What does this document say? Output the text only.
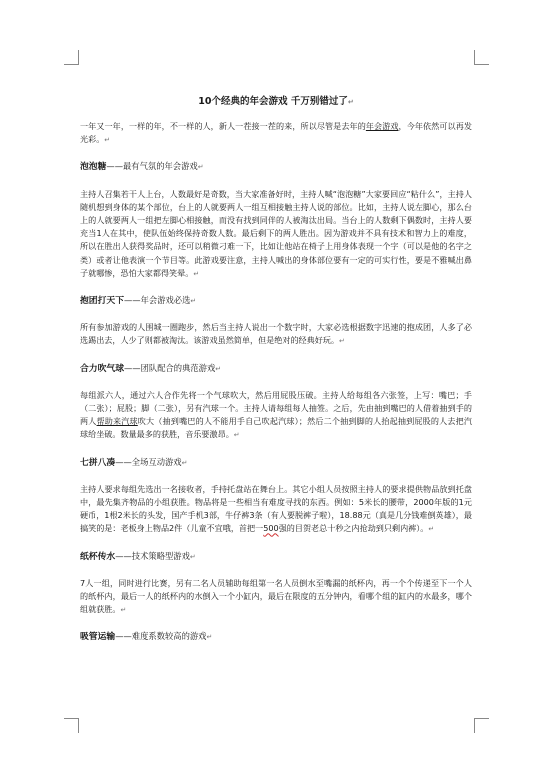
10个经典的年会游戏 千万别错过了↵

一年又一年，一样的年，不一样的人，新人一茬接一茬的来，所以尽管是去年的年会游戏，今年依然可以再发光彩。↵

泡泡糖——最有气氛的年会游戏↵

主持人召集若干人上台，人数最好是奇数，当大家准备好时，主持人喊“泡泡糖”大家要回应“粘什么”，主持人随机想到身体的某个部位，台上的人就要两人一组互相接触主持人说的部位。比如，主持人说左脚心，那么台上的人就要两人一组把左脚心相接触，而没有找到同伴的人被淘汰出局。当台上的人数剩下偶数时，主持人要充当1人在其中，使队伍始终保持奇数人数。最后剩下的两人胜出。因为游戏并不具有技术和智力上的难度，所以在胜出人获得奖品时，还可以稍微刁难一下，比如让他站在椅子上用身体表现一个字（可以是他的名字之类）或者让他表演一个节目等。此游戏要注意，主持人喊出的身体部位要有一定的可实行性，要是不雅喊出鼻子就哪惨，恐怕大家都得笑晕。↵

抱团打天下——年会游戏必选↵

所有参加游戏的人围城一圈跑步，然后当主持人说出一个数字时，大家必选根据数字迅速的抱成团，人多了必选踢出去，人少了则都被淘汰。该游戏虽然简单，但是绝对的经典好玩。↵

合力吹气球——团队配合的典范游戏↵

每组派六人，通过六人合作先将一个气球吹大，然后用屁股压破。主持人给每组各六张签，上写：嘴巴；手（二张）；屁股；脚（二张），另有汽球一个。主持人请每组每人抽签。之后，先由抽到嘴巴的人借着抽到手的两人帮助来汽球吹大（抽到嘴巴的人不能用手自己吹起汽球）；然后二个抽到脚的人抬起抽到屁股的人去把汽球给坐破。数量最多的获胜，音乐要激昂。↵

七拼八凑——全场互动游戏↵

主持人要求每组先选出一名接收者，手持托盘站在舞台上。其它小组人员按照主持人的要求提供物品放到托盘中，最先集齐物品的小组获胜。物品将是一些相当有难度寻找的东西。例如：5米长的腰带，2000年版的1元硬币，1根2米长的头发，国产手机3部，牛仔裤3条（有人要脱裤子啦），18.88元（真是几分钱难倒英雄），最搞笑的是：老板身上物品2件（儿童不宜哦，首把一500强的目贺老总十秒之内抢劫到只剩内裤）。↵

纸杯传水——技术策略型游戏↵

7人一组，同时进行比赛，另有二名人员辅助每组第一名人员倒水至嘴漏的纸杯内，再一个个传递至下一个人的纸杯内，最后一人的纸杯内的水倒入一个小缸内，最后在限度的五分钟内，看哪个组的缸内的水最多，哪个组就获胜。↵

吸管运输——难度系数较高的游戏↵
